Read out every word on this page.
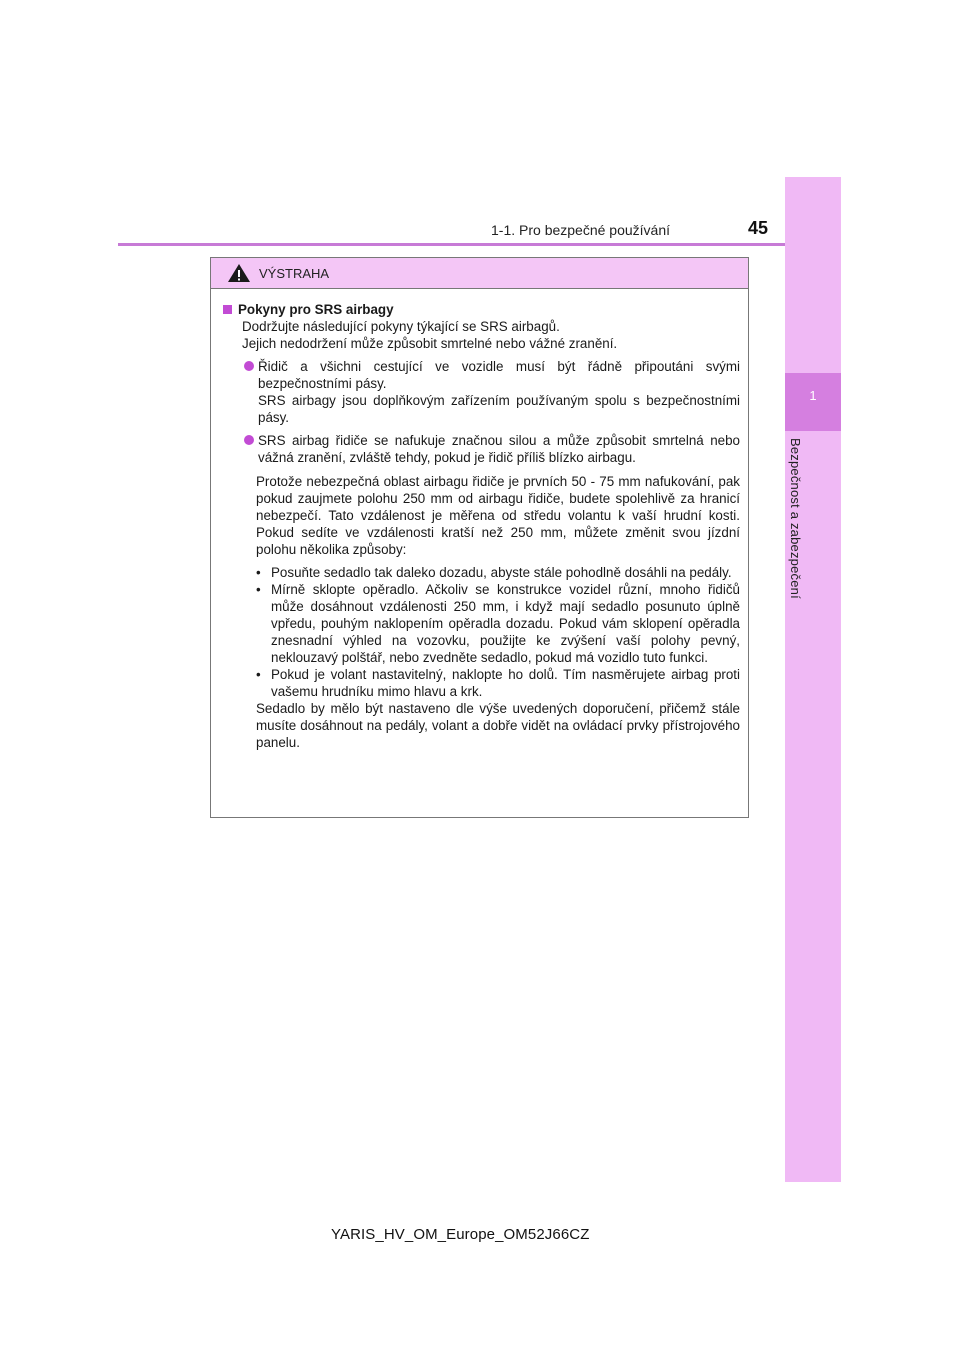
1-1. Pro bezpečné používání	45
1
Bezpečnost a zabezpečení
VÝSTRAHA
Pokyny pro SRS airbagy
Dodržujte následující pokyny týkající se SRS airbagů.
Jejich nedodržení může způsobit smrtelné nebo vážné zranění.
Řidič a všichni cestující ve vozidle musí být řádně připoutáni svými bezpečnostními pásy.
SRS airbagy jsou doplňkovým zařízením používaným spolu s bezpečnostními pásy.
SRS airbag řidiče se nafukuje značnou silou a může způsobit smrtelná nebo vážná zranění, zvláště tehdy, pokud je řidič příliš blízko airbagu.
Protože nebezpečná oblast airbagu řidiče je prvních 50 - 75 mm nafukování, pak pokud zaujmete polohu 250 mm od airbagu řidiče, budete spolehlivě za hranicí nebezpečí. Tato vzdálenost je měřena od středu volantu k vaší hrudní kosti. Pokud sedíte ve vzdálenosti kratší než 250 mm, můžete změnit svou jízdní polohu několika způsoby:
• Posuňte sedadlo tak daleko dozadu, abyste stále pohodlně dosáhli na pedály.
• Mírně sklopte opěradlo. Ačkoliv se konstrukce vozidel různí, mnoho řidičů může dosáhnout vzdálenosti 250 mm, i když mají sedadlo posunuto úplně vpředu, pouhým naklopením opěradla dozadu. Pokud vám sklopení opěradla znesnadní výhled na vozovku, použijte ke zvýšení vaší polohy pevný, neklouzavý polštář, nebo zvedněte sedadlo, pokud má vozidlo tuto funkci.
• Pokud je volant nastavitelný, naklopte ho dolů. Tím nasměrujete airbag proti vašemu hrudníku mimo hlavu a krk.
Sedadlo by mělo být nastaveno dle výše uvedených doporučení, přičemž stále musíte dosáhnout na pedály, volant a dobře vidět na ovládací prvky přístrojového panelu.
YARIS_HV_OM_Europe_OM52J66CZ
